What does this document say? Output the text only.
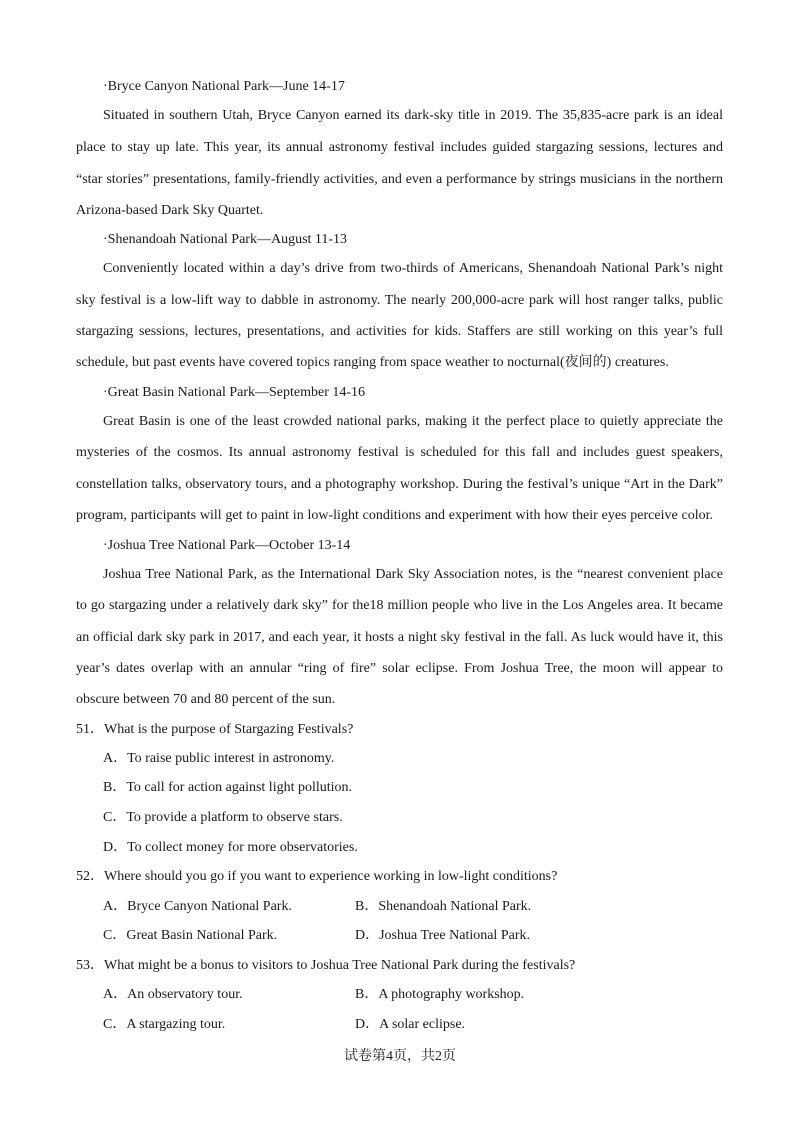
·Bryce Canyon National Park—June 14-17
Situated in southern Utah, Bryce Canyon earned its dark-sky title in 2019. The 35,835-acre park is an ideal
place to stay up late. This year, its annual astronomy festival includes guided stargazing sessions, lectures and
“star stories” presentations, family-friendly activities, and even a performance by strings musicians in the northern
Arizona-based Dark Sky Quartet.
·Shenandoah National Park—August 11-13
Conveniently located within a day’s drive from two-thirds of Americans, Shenandoah National Park’s night
sky festival is a low-lift way to dabble in astronomy. The nearly 200,000-acre park will host ranger talks, public
stargazing sessions, lectures, presentations, and activities for kids. Staffers are still working on this year’s full
schedule, but past events have covered topics ranging from space weather to nocturnal(夜间的) creatures.
·Great Basin National Park—September 14-16
Great Basin is one of the least crowded national parks, making it the perfect place to quietly appreciate the
mysteries of the cosmos. Its annual astronomy festival is scheduled for this fall and includes guest speakers,
constellation talks, observatory tours, and a photography workshop. During the festival’s unique “Art in the Dark”
program, participants will get to paint in low-light conditions and experiment with how their eyes perceive color.
·Joshua Tree National Park—October 13-14
Joshua Tree National Park, as the International Dark Sky Association notes, is the “nearest convenient place
to go stargazing under a relatively dark sky” for the18 million people who live in the Los Angeles area. It became
an official dark sky park in 2017, and each year, it hosts a night sky festival in the fall. As luck would have it, this
year’s dates overlap with an annular “ring of fire” solar eclipse. From Joshua Tree, the moon will appear to
obscure between 70 and 80 percent of the sun.
51．What is the purpose of Stargazing Festivals?
A．To raise public interest in astronomy.
B．To call for action against light pollution.
C．To provide a platform to observe stars.
D．To collect money for more observatories.
52．Where should you go if you want to experience working in low-light conditions?
A．Bryce Canyon National Park.	B．Shenandoah National Park.
C．Great Basin National Park.	D．Joshua Tree National Park.
53．What might be a bonus to visitors to Joshua Tree National Park during the festivals?
A．An observatory tour.	B．A photography workshop.
C．A stargazing tour.	D．A solar eclipse.
试卷第4页，共2页
